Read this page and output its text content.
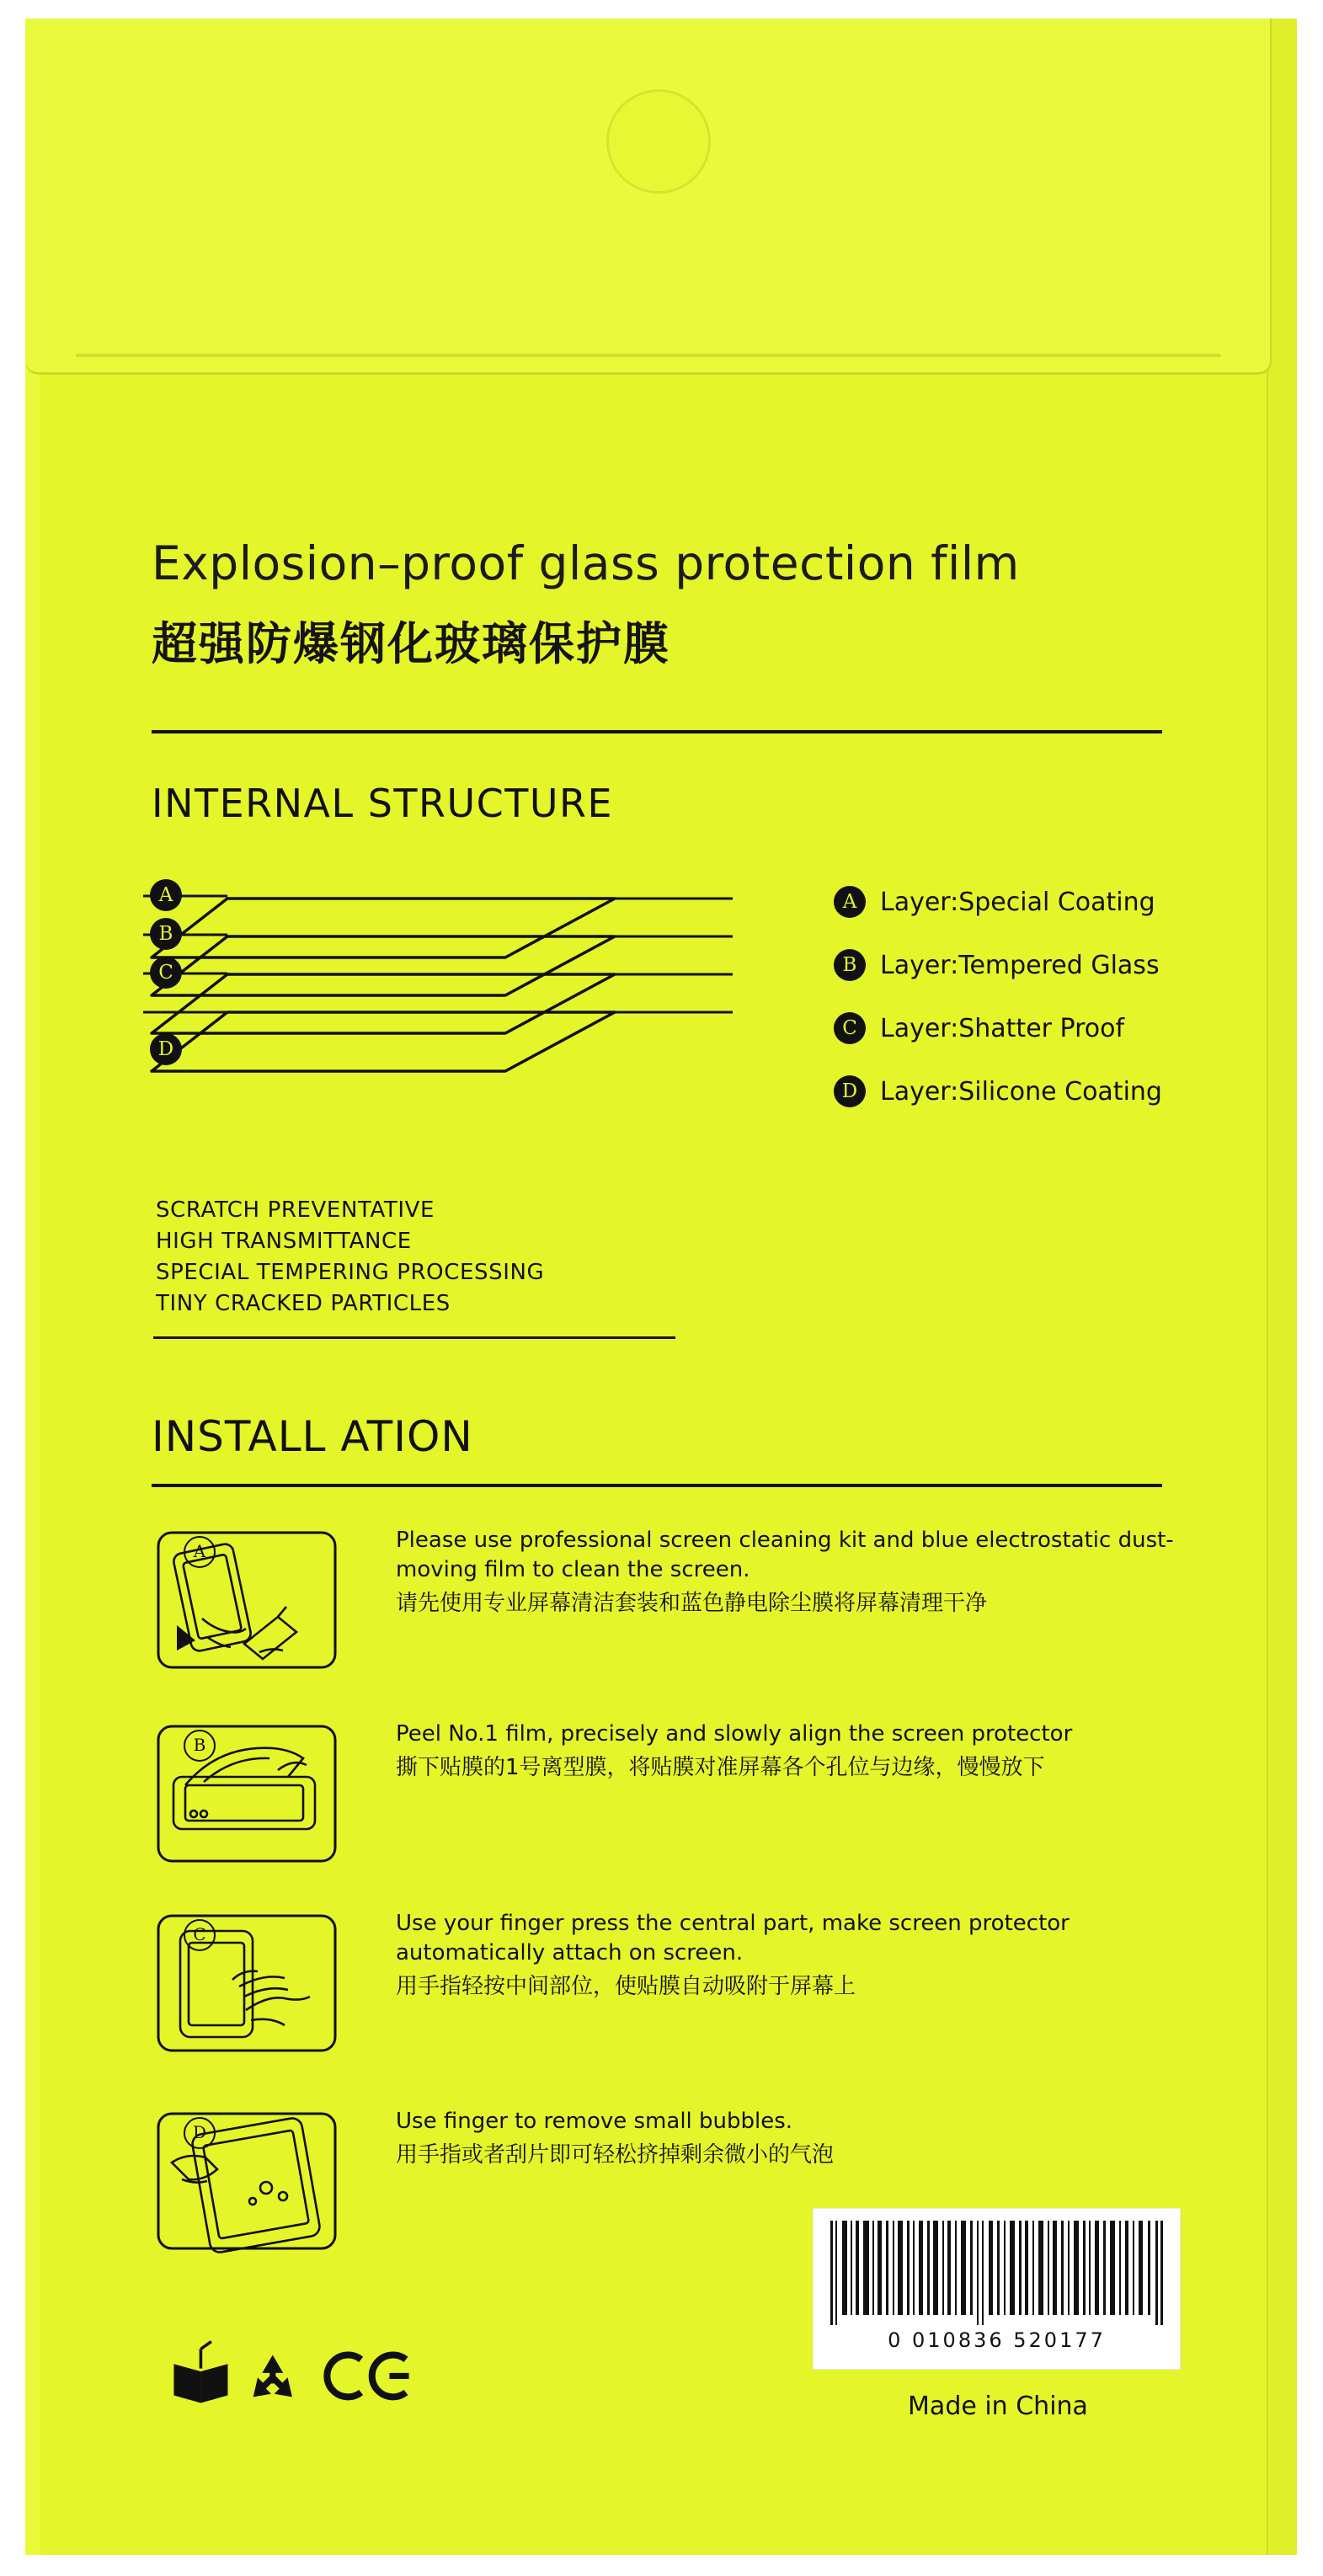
Explosion–proof glass protection film
超强防爆钢化玻璃保护膜
INTERNAL STRUCTURE
A
B
C
D
A Layer:Special Coating
B Layer:Tempered Glass
C Layer:Shatter Proof
D Layer:Silicone Coating
SCRATCH PREVENTATIVE
HIGH TRANSMITTANCE
SPECIAL TEMPERING PROCESSING
TINY CRACKED PARTICLES
INSTALL ATION
Please use professional screen cleaning kit and blue electrostatic dust-moving film to clean the screen.
请先使用专业屏幕清洁套装和蓝色静电除尘膜将屏幕清理干净
A
Peel No.1 film, precisely and slowly align the screen protector
撕下贴膜的1号离型膜，将贴膜对准屏幕各个孔位与边缘，慢慢放下
B
Use your finger press the central part, make screen protector automatically attach on screen.
用手指轻按中间部位，使贴膜自动吸附于屏幕上
C
Use finger to remove small bubbles.
用手指或者刮片即可轻松挤掉剩余微小的气泡
D
0 010836 520177
Made in China
